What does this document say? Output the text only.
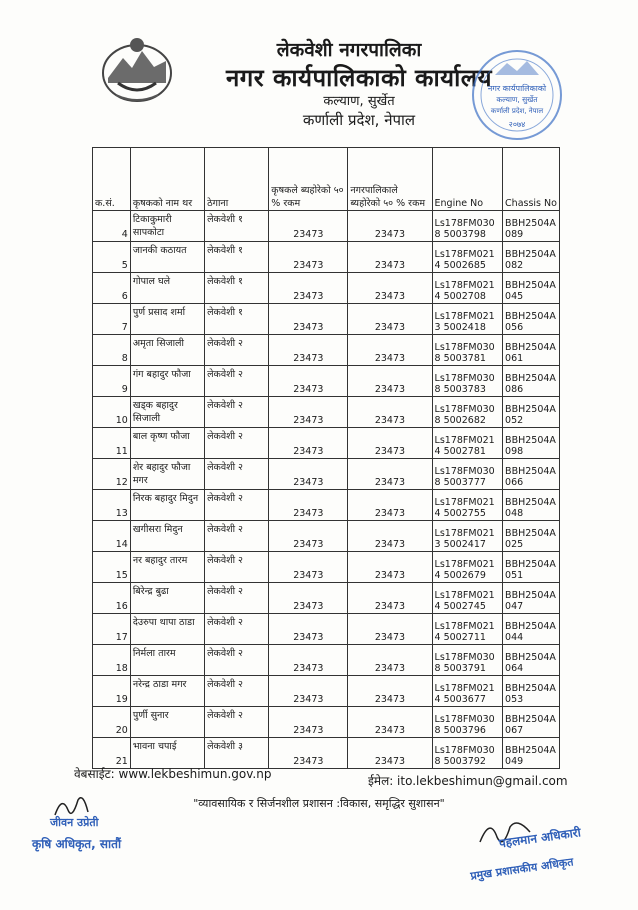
लेकवेशी नगरपालिका
नगर कार्यपालिकाको कार्यालय
कल्याण, सुर्खेत
कर्णाली प्रदेश, नेपाल
नगर कार्यपालिकाको
कल्याण, सुर्खेत
कर्णाली प्रदेश, नेपाल
२०७४
क.सं.	कृषकको नाम थर	ठेगाना	कृषकले ब्यहोरेको ५० % रकम	नगरपालिकाले ब्यहोरेको ५० % रकम	Engine No	Chassis No
4	टिकाकुमारी सापकोटा	लेकवेशी १	23473	23473	Ls178FM030 8 5003798	BBH2504A 089
5	जानकी कठायत	लेकवेशी १	23473	23473	Ls178FM021 4 5002685	BBH2504A 082
6	गोपाल घले	लेकवेशी १	23473	23473	Ls178FM021 4 5002708	BBH2504A 045
7	पुर्ण प्रसाद शर्मा	लेकवेशी १	23473	23473	Ls178FM021 3 5002418	BBH2504A 056
8	अमृता सिजाली	लेकवेशी २	23473	23473	Ls178FM030 8 5003781	BBH2504A 061
9	गंग बहादुर फौजा	लेकवेशी २	23473	23473	Ls178FM030 8 5003783	BBH2504A 086
10	खड्क बहादुर सिजाली	लेकवेशी २	23473	23473	Ls178FM030 8 5002682	BBH2504A 052
11	बाल कृष्ण फौजा	लेकवेशी २	23473	23473	Ls178FM021 4 5002781	BBH2504A 098
12	शेर बहादुर फौजा मगर	लेकवेशी २	23473	23473	Ls178FM030 8 5003777	BBH2504A 066
13	निरक बहादुर मिदुन	लेकवेशी २	23473	23473	Ls178FM021 4 5002755	BBH2504A 048
14	खगीसरा मिदुन	लेकवेशी २	23473	23473	Ls178FM021 3 5002417	BBH2504A 025
15	नर बहादुर तारम	लेकवेशी २	23473	23473	Ls178FM021 4 5002679	BBH2504A 051
16	बिरेन्द्र बुढा	लेकवेशी २	23473	23473	Ls178FM021 4 5002745	BBH2504A 047
17	देउरुपा थापा ठाडा	लेकवेशी २	23473	23473	Ls178FM021 4 5002711	BBH2504A 044
18	निर्मला तारम	लेकवेशी २	23473	23473	Ls178FM030 8 5003791	BBH2504A 064
19	नरेन्द्र ठाडा मगर	लेकवेशी २	23473	23473	Ls178FM021 4 5003677	BBH2504A 053
20	पुर्णी सुनार	लेकवेशी २	23473	23473	Ls178FM030 8 5003796	BBH2504A 067
21	भावना चपाई	लेकवेशी ३	23473	23473	Ls178FM030 8 5003792	BBH2504A 049
वेबसाईट: www.lekbeshimun.gov.np	ईमेल: ito.lekbeshimun@gmail.com
"व्यावसायिक र सिर्जनशील प्रशासन :विकास, समृद्धिर सुशासन"
जीवन उप्रेती
कृषि अधिकृत, सातौं	पहलमान अधिकारी
प्रमुख प्रशासकीय अधिकृत
